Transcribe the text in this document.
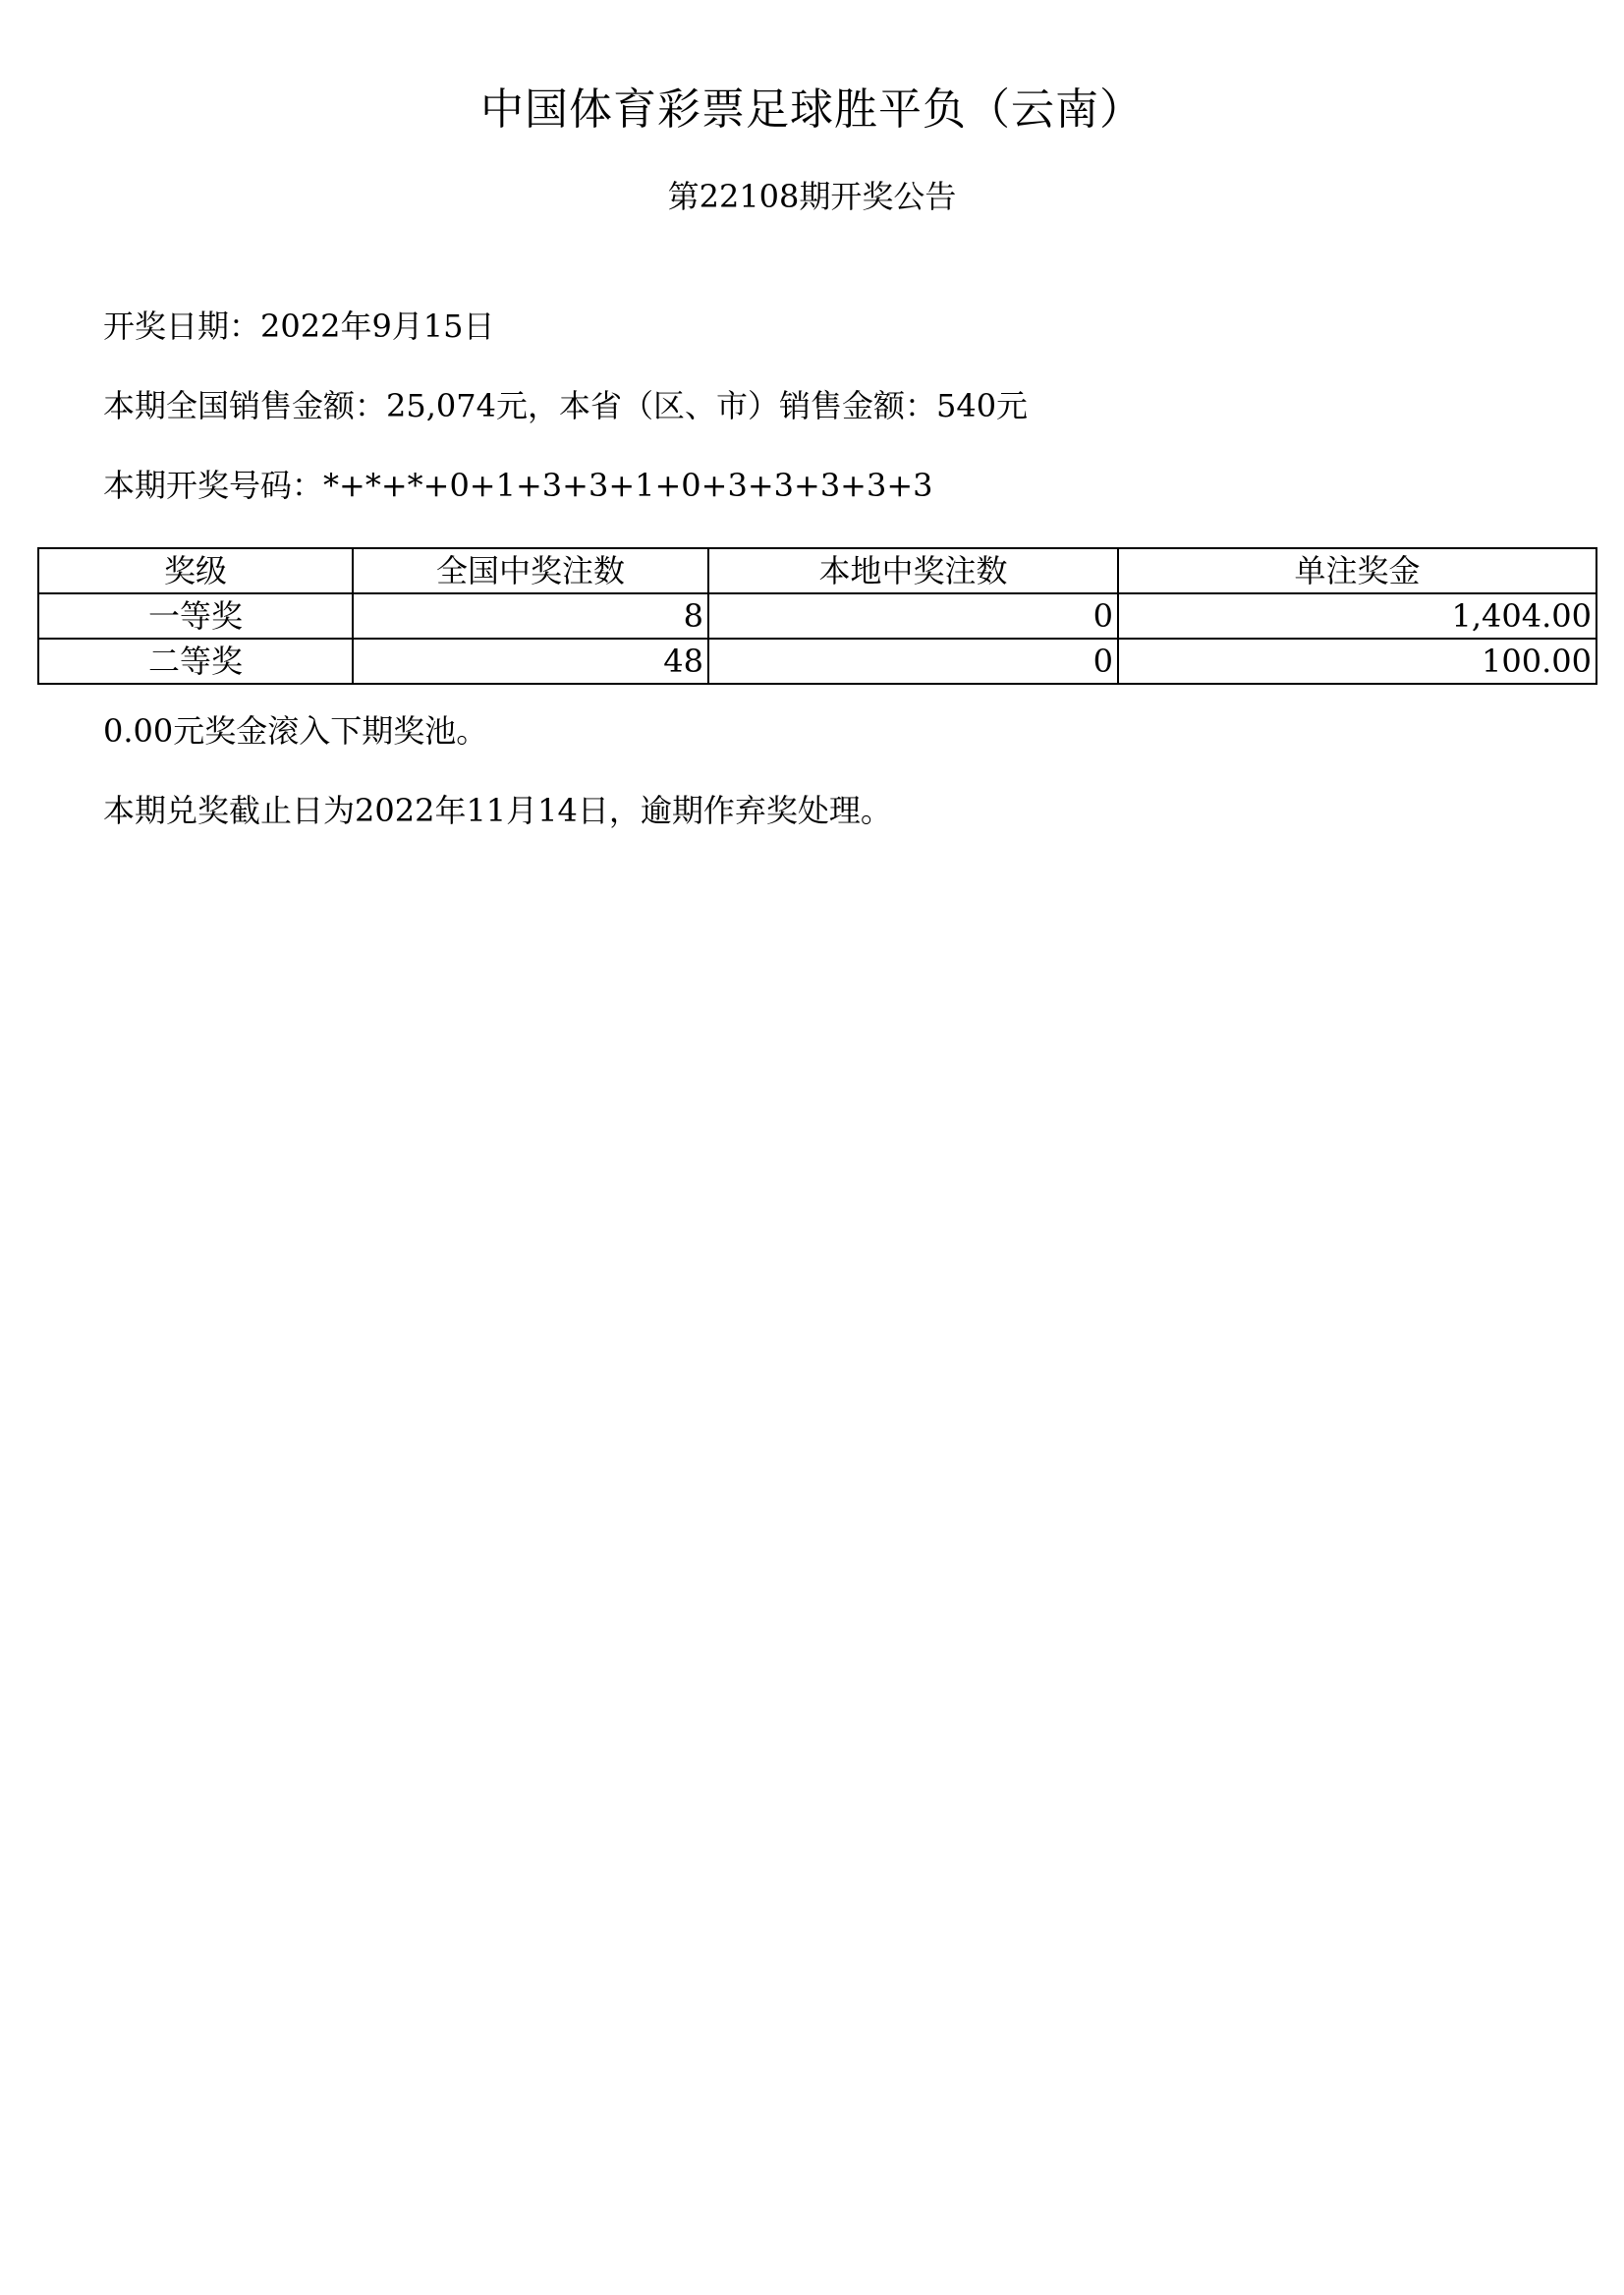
中国体育彩票足球胜平负（云南）
第22108期开奖公告
开奖日期：2022年9月15日
本期全国销售金额：25,074元，本省（区、市）销售金额：540元
本期开奖号码：*+*+*+0+1+3+3+1+0+3+3+3+3+3
奖级	全国中奖注数	本地中奖注数	单注奖金
一等奖	8	0	1,404.00
二等奖	48	0	100.00
0.00元奖金滚入下期奖池。
本期兑奖截止日为2022年11月14日，逾期作弃奖处理。
